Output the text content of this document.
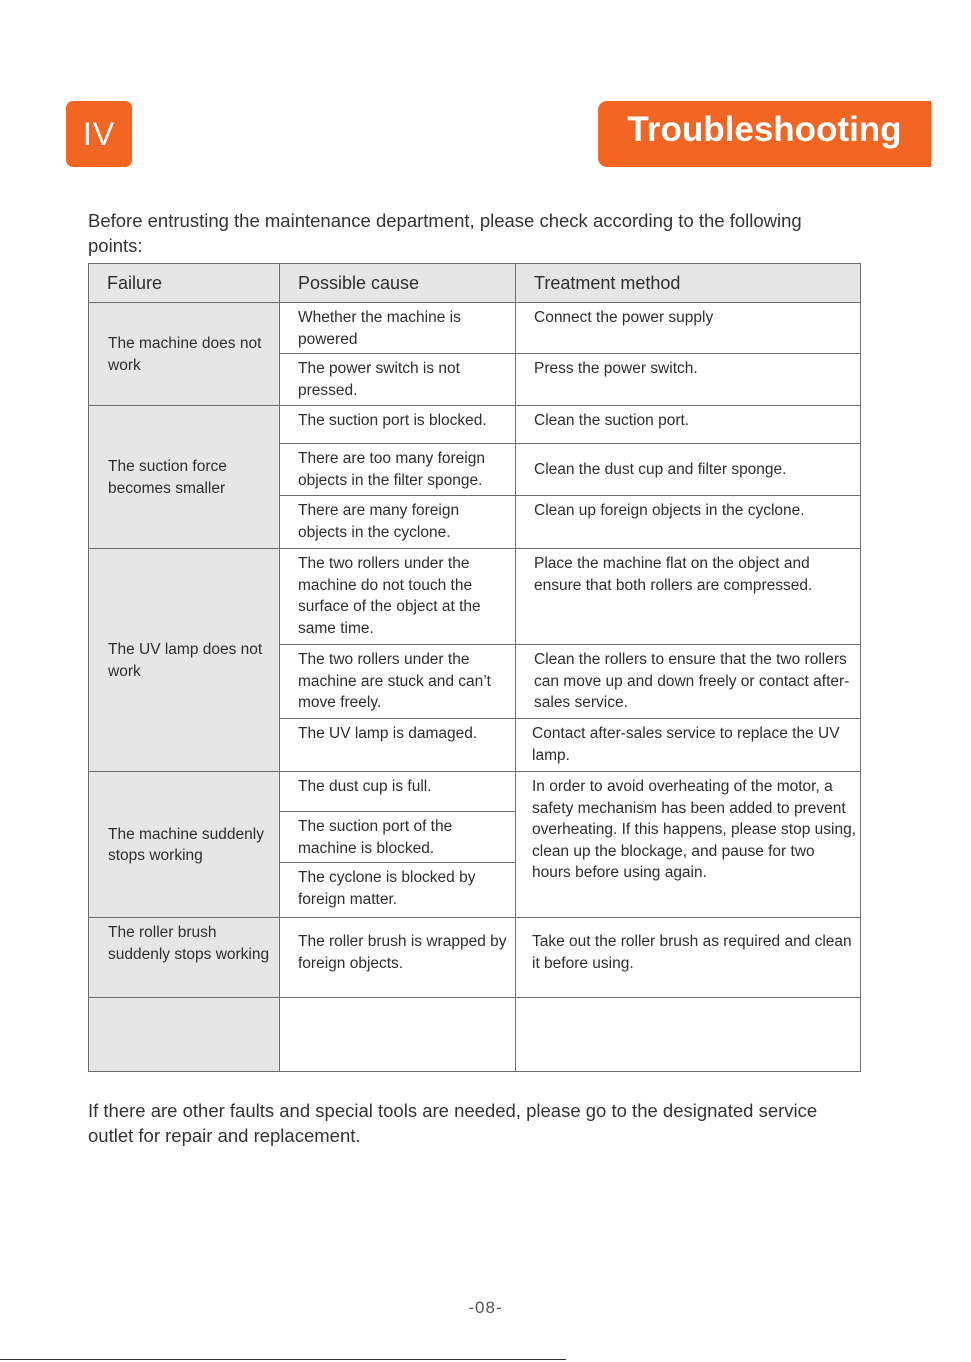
IV	Troubleshooting
Before entrusting the maintenance department, please check according to the following points:
Failure	Possible cause	Treatment method
The machine does not work	Whether the machine is powered	Connect the power supply
	The power switch is not pressed.	Press the power switch.
The suction force becomes smaller	The suction port is blocked.	Clean the suction port.
	There are too many foreign objects in the filter sponge.	Clean the dust cup and filter sponge.
	There are many foreign objects in the cyclone.	Clean up foreign objects in the cyclone.
The UV lamp does not work	The two rollers under the machine do not touch the surface of the object at the same time.	Place the machine flat on the object and ensure that both rollers are compressed.
	The two rollers under the machine are stuck and can’t move freely.	Clean the rollers to ensure that the two rollers can move up and down freely or contact after-sales service.
	The UV lamp is damaged.	Contact after-sales service to replace the UV lamp.
The machine suddenly stops working	The dust cup is full.	In order to avoid overheating of the motor, a safety mechanism has been added to prevent overheating. If this happens, please stop using, clean up the blockage, and pause for two hours before using again.
	The suction port of the machine is blocked.	
	The cyclone is blocked by foreign matter.	
The roller brush suddenly stops working	The roller brush is wrapped by foreign objects.	Take out the roller brush as required and clean it before using.

If there are other faults and special tools are needed, please go to the designated service outlet for repair and replacement.
-08-
